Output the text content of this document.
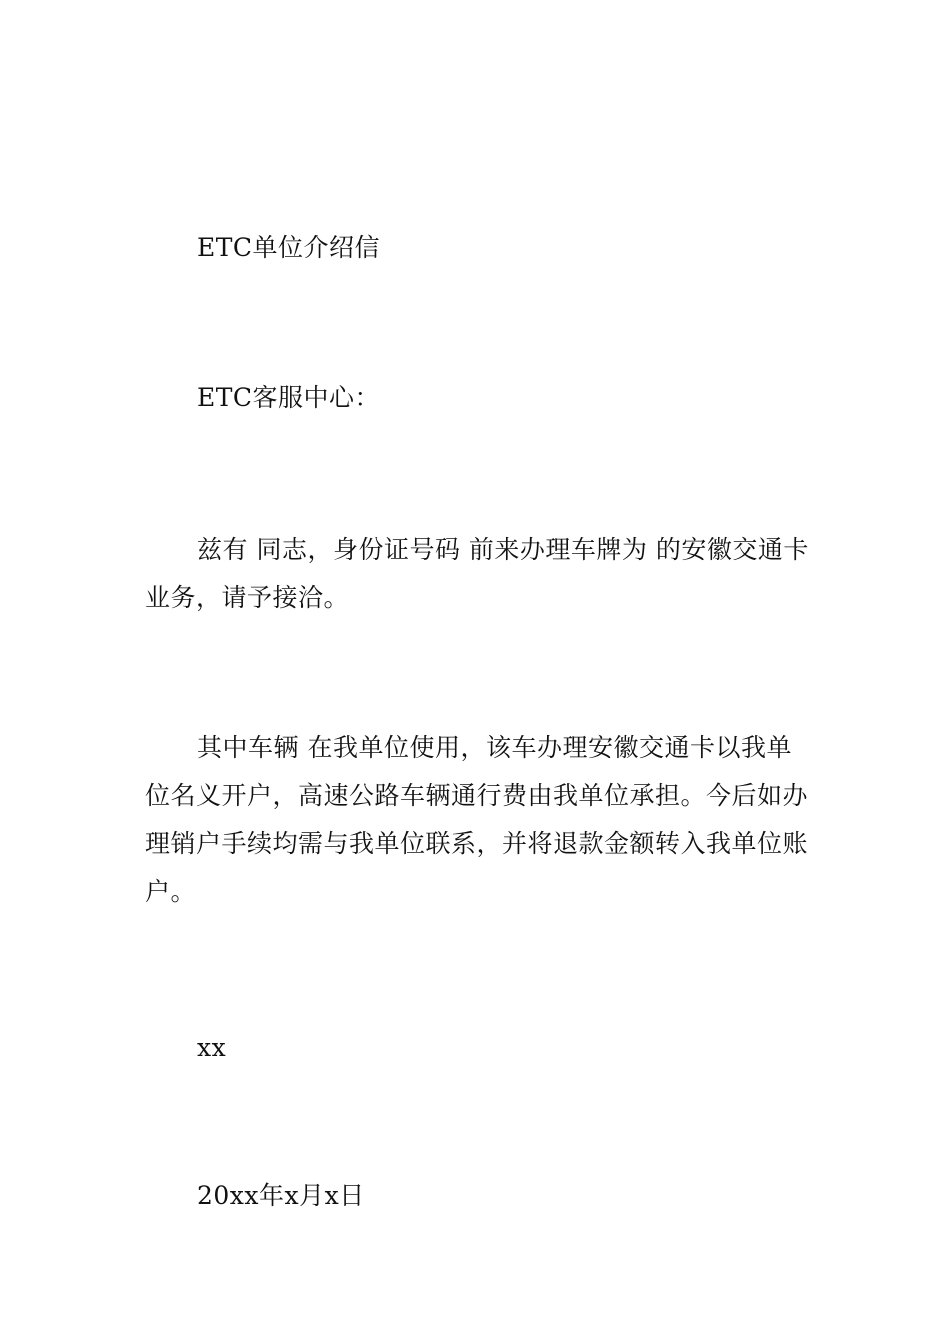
ETC单位介绍信

ETC客服中心：

兹有 同志，身份证号码 前来办理车牌为 的安徽交通卡 业务，请予接洽。

其中车辆 在我单位使用，该车办理安徽交通卡以我单位名义开户，高速公路车辆通行费由我单位承担。今后如办理销户手续均需与我单位联系，并将退款金额转入我单位账户。

xx

20xx年x月x日
